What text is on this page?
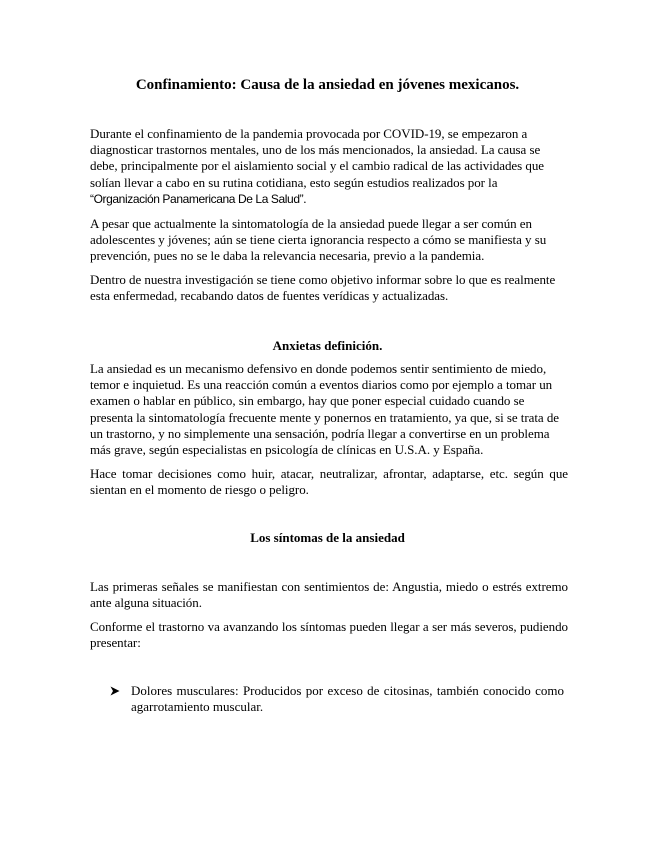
Confinamiento: Causa de la ansiedad en jóvenes mexicanos.

Durante el confinamiento de la pandemia provocada por COVID-19, se empezaron a diagnosticar trastornos mentales, uno de los más mencionados, la ansiedad. La causa se debe, principalmente por el aislamiento social y el cambio radical de las actividades que solían llevar a cabo en su rutina cotidiana, esto según estudios realizados por la “Organización Panamericana De La Salud”.

A pesar que actualmente la sintomatología de la ansiedad puede llegar a ser común en adolescentes y jóvenes; aún se tiene cierta ignorancia respecto a cómo se manifiesta y su prevención, pues no se le daba la relevancia necesaria, previo a la pandemia.

Dentro de nuestra investigación se tiene como objetivo informar sobre lo que es realmente esta enfermedad, recabando datos de fuentes verídicas y actualizadas.

Anxietas definición.

La ansiedad es un mecanismo defensivo en donde podemos sentir sentimiento de miedo, temor e inquietud. Es una reacción común a eventos diarios como por ejemplo a tomar un examen o hablar en público, sin embargo, hay que poner especial cuidado cuando se presenta la sintomatología frecuente mente y ponernos en tratamiento, ya que, si se trata de un trastorno, y no simplemente una sensación, podría llegar a convertirse en un problema más grave, según especialistas en psicología de clínicas en U.S.A. y España.

Hace tomar decisiones como huir, atacar, neutralizar, afrontar, adaptarse, etc. según que sientan en el momento de riesgo o peligro.

Los síntomas de la ansiedad

Las primeras señales se manifiestan con sentimientos de: Angustia, miedo o estrés extremo ante alguna situación.

Conforme el trastorno va avanzando los síntomas pueden llegar a ser más severos, pudiendo presentar:

Dolores musculares: Producidos por exceso de citosinas, también conocido como agarrotamiento muscular.
